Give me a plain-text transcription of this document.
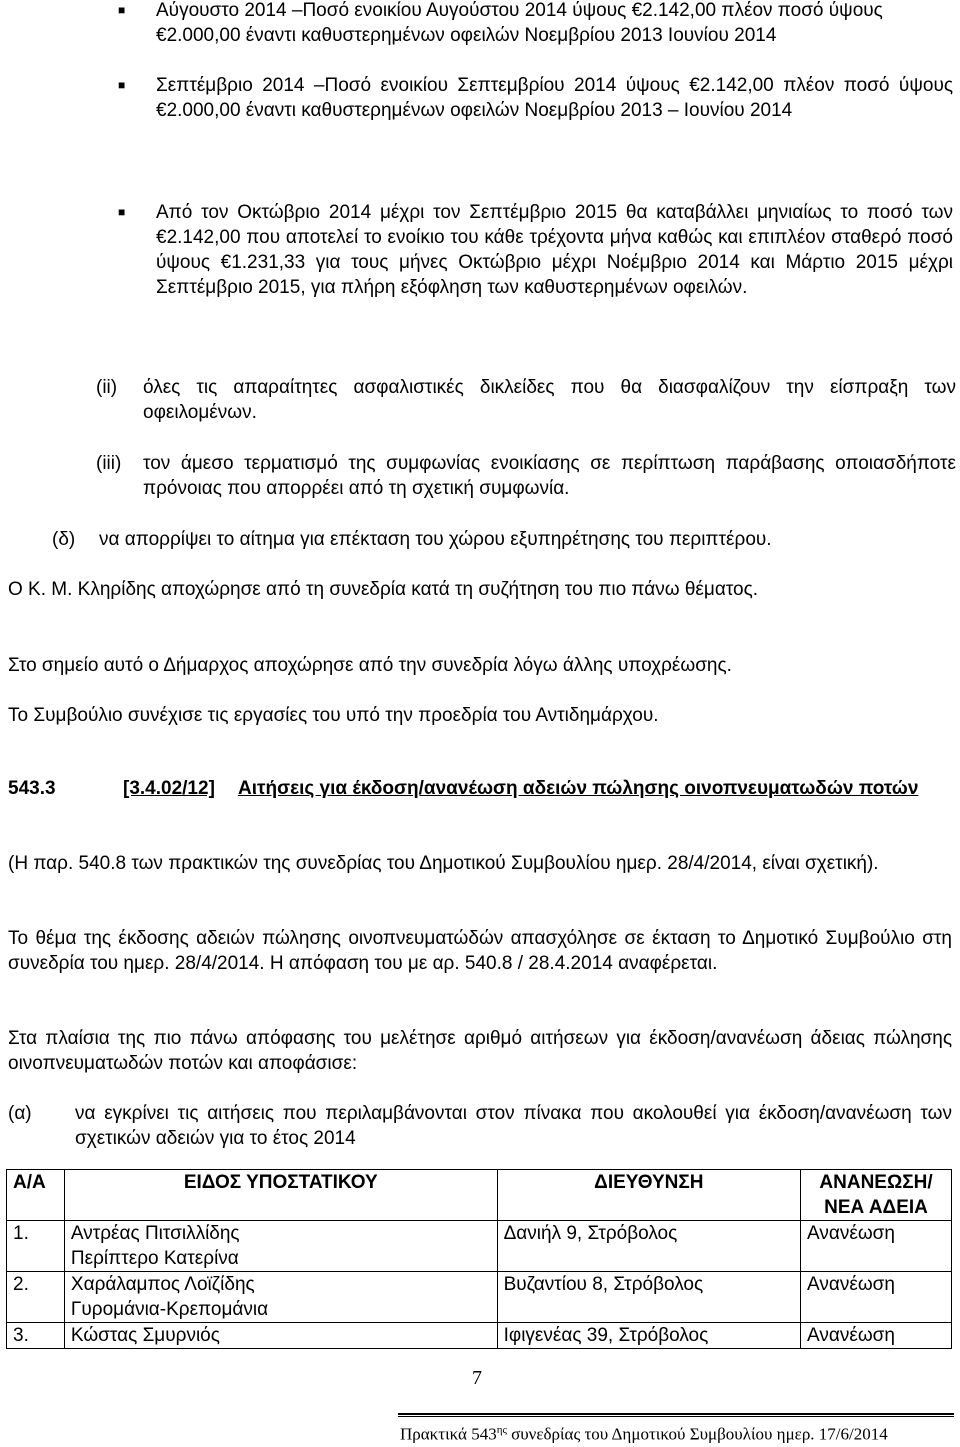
■ Αύγουστο 2014 –Ποσό ενοικίου Αυγούστου 2014 ύψους €2.142,00 πλέον ποσό ύψους €2.000,00 έναντι καθυστερημένων οφειλών Νοεμβρίου 2013 Ιουνίου 2014
■ Σεπτέμβριο 2014 –Ποσό ενοικίου Σεπτεμβρίου 2014 ύψους €2.142,00 πλέον ποσό ύψους €2.000,00 έναντι καθυστερημένων οφειλών Νοεμβρίου 2013 – Ιουνίου 2014
■ Από τον Οκτώβριο 2014 μέχρι τον Σεπτέμβριο 2015 θα καταβάλλει μηνιαίως το ποσό των €2.142,00 που αποτελεί το ενοίκιο του κάθε τρέχοντα μήνα καθώς και επιπλέον σταθερό ποσό ύψους €1.231,33 για τους μήνες Οκτώβριο μέχρι Νοέμβριο 2014 και Μάρτιο 2015 μέχρι Σεπτέμβριο 2015, για πλήρη εξόφληση των καθυστερημένων οφειλών.
(ii) όλες τις απαραίτητες ασφαλιστικές δικλείδες που θα διασφαλίζουν την είσπραξη των οφειλομένων.
(iii) τον άμεσο τερματισμό της συμφωνίας ενοικίασης σε περίπτωση παράβασης οποιασδήποτε πρόνοιας που απορρέει από τη σχετική συμφωνία.
(δ) να απορρίψει το αίτημα για επέκταση του χώρου εξυπηρέτησης του περιπτέρου.
Ο Κ. Μ. Κληρίδης αποχώρησε από τη συνεδρία κατά τη συζήτηση του πιο πάνω θέματος.
Στο σημείο αυτό ο Δήμαρχος αποχώρησε από την συνεδρία λόγω άλλης υποχρέωσης.
Το Συμβούλιο συνέχισε τις εργασίες του υπό την προεδρία του Αντιδημάρχου.
543.3	[3.4.02/12]	Αιτήσεις για έκδοση/ανανέωση αδειών πώλησης οινοπνευματωδών ποτών
(Η παρ. 540.8 των πρακτικών της συνεδρίας του Δημοτικού Συμβουλίου ημερ. 28/4/2014, είναι σχετική).
Το θέμα της έκδοσης αδειών πώλησης οινοπνευματώδών απασχόλησε σε έκταση το Δημοτικό Συμβούλιο στη συνεδρία του ημερ. 28/4/2014. Η απόφαση του με αρ. 540.8 / 28.4.2014 αναφέρεται.
Στα πλαίσια της πιο πάνω απόφασης του μελέτησε αριθμό αιτήσεων για έκδοση/ανανέωση άδειας πώλησης οινοπνευματωδών ποτών και αποφάσισε:
(α) να εγκρίνει τις αιτήσεις που περιλαμβάνονται στον πίνακα που ακολουθεί για έκδοση/ανανέωση των σχετικών αδειών για το έτος 2014
Α/Α	ΕΙΔΟΣ ΥΠΟΣΤΑΤΙΚΟΥ	ΔΙΕΥΘΥΝΣΗ	ΑΝΑΝΕΩΣΗ/ ΝΕΑ ΑΔΕΙΑ
1.	Αντρέας Πιτσιλλίδης Περίπτερο Κατερίνα	Δανιήλ 9, Στρόβολος	Ανανέωση
2.	Χαράλαμπος Λοϊζίδης Γυρομάνια-Κρεπομάνια	Βυζαντίου 8, Στρόβολος	Ανανέωση
3.	Κώστας Σμυρνιός	Ιφιγενέας 39, Στρόβολος	Ανανέωση
7
Πρακτικά $543^{\eta\varsigma}$ συνεδρίας του Δημοτικού Συμβουλίου ημερ. 17/6/2014
